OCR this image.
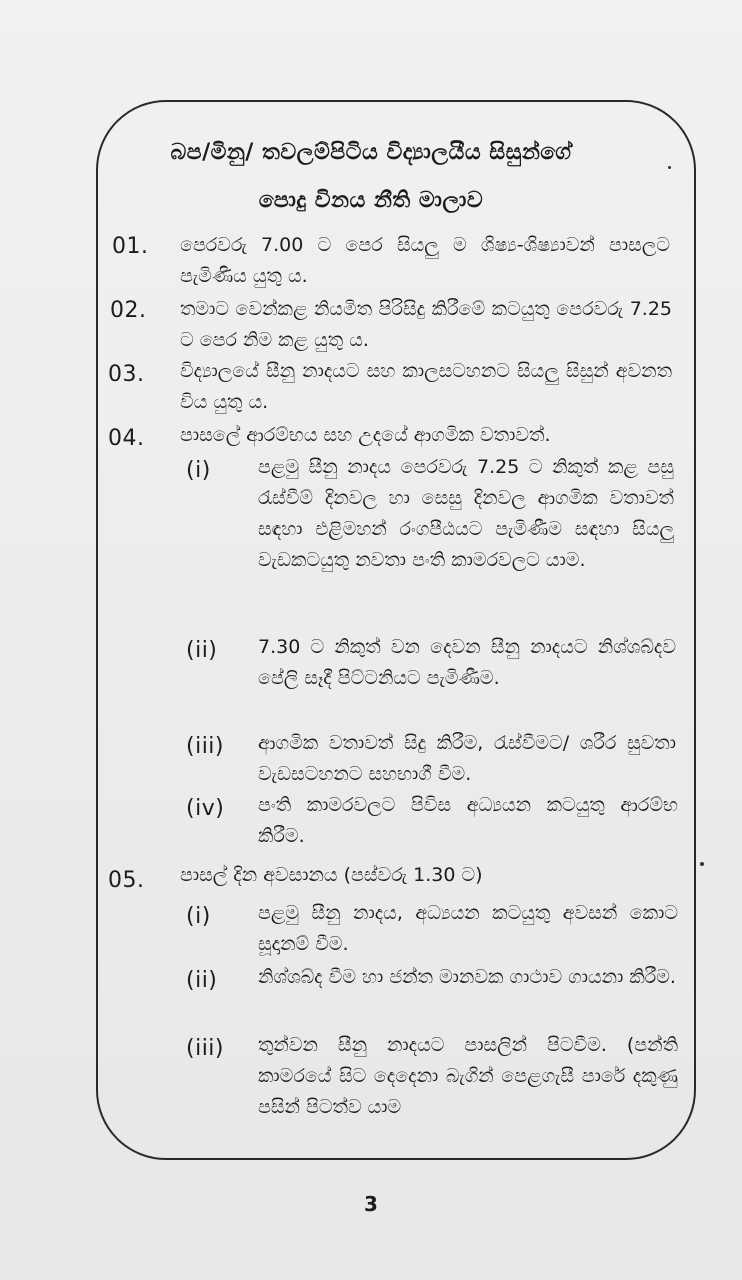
බප/මිනු/ තවලම්පිටිය විද්‍යාලයීය සිසුන්ගේ
පොදු විනය නීති මාලාව
01. පෙරවරු 7.00 ට පෙර සියලු ම ශිෂ්‍ය-ශිෂ්‍යාවන් පාසලට පැමිණිය යුතු ය.
02. තමාට වෙන්කළ නියමිත පිරිසිදු කිරීමේ කටයුතු පෙරවරු 7.25 ට පෙර නිම කළ යුතු ය.
03. විද්‍යාලයේ සීනු නාදයට සහ කාලසටහනට සියලු සිසුන් අවනත විය යුතු ය.
04. පාසලේ ආරම්භය සහ උදයේ ආගමික වතාවත්.
(i) පළමු සීනු නාදය පෙරවරු 7.25 ට නිකුත් කළ පසු රැස්වීම් දිනවල හා සෙසු දිනවල ආගමික වතාවත් සඳහා එළිමහන් රංගපීඨයට පැමිණීම සඳහා සියලු වැඩකටයුතු නවතා පංති කාමරවලට යාම.
(ii) 7.30 ට නිකුත් වන දෙවන සීනු නාදයට නිශ්ශබ්දව පේලි සෑදී පිට්ටනියට පැමිණීම.
(iii) ආගමික වතාවත් සිදු කිරීම, රැස්වීමට/ ශරීර සුවතා වැඩසටහනට සහභාගී වීම.
(iv) පංති කාමරවලට පිවිස අධ්‍යයන කටයුතු ආරම්භ කිරීම.
05. පාසල් දින අවසානය (පස්වරු 1.30 ට)
(i) පළමු සීනු නාදය, අධ්‍යයන කටයුතු අවසන් කොට සූදානම් වීම.
(ii) නිශ්ශබ්ද වීම හා ජන්ත මානවක ගාථාව ගායනා කිරීම.
(iii) තුන්වන සීනු නාදයට පාසලින් පිටවීම. (පන්ති කාමරයේ සිට දෙදෙනා බැගින් පෙළගැසී පාරේ දකුණු පසින් පිටත්ව යාම
3
